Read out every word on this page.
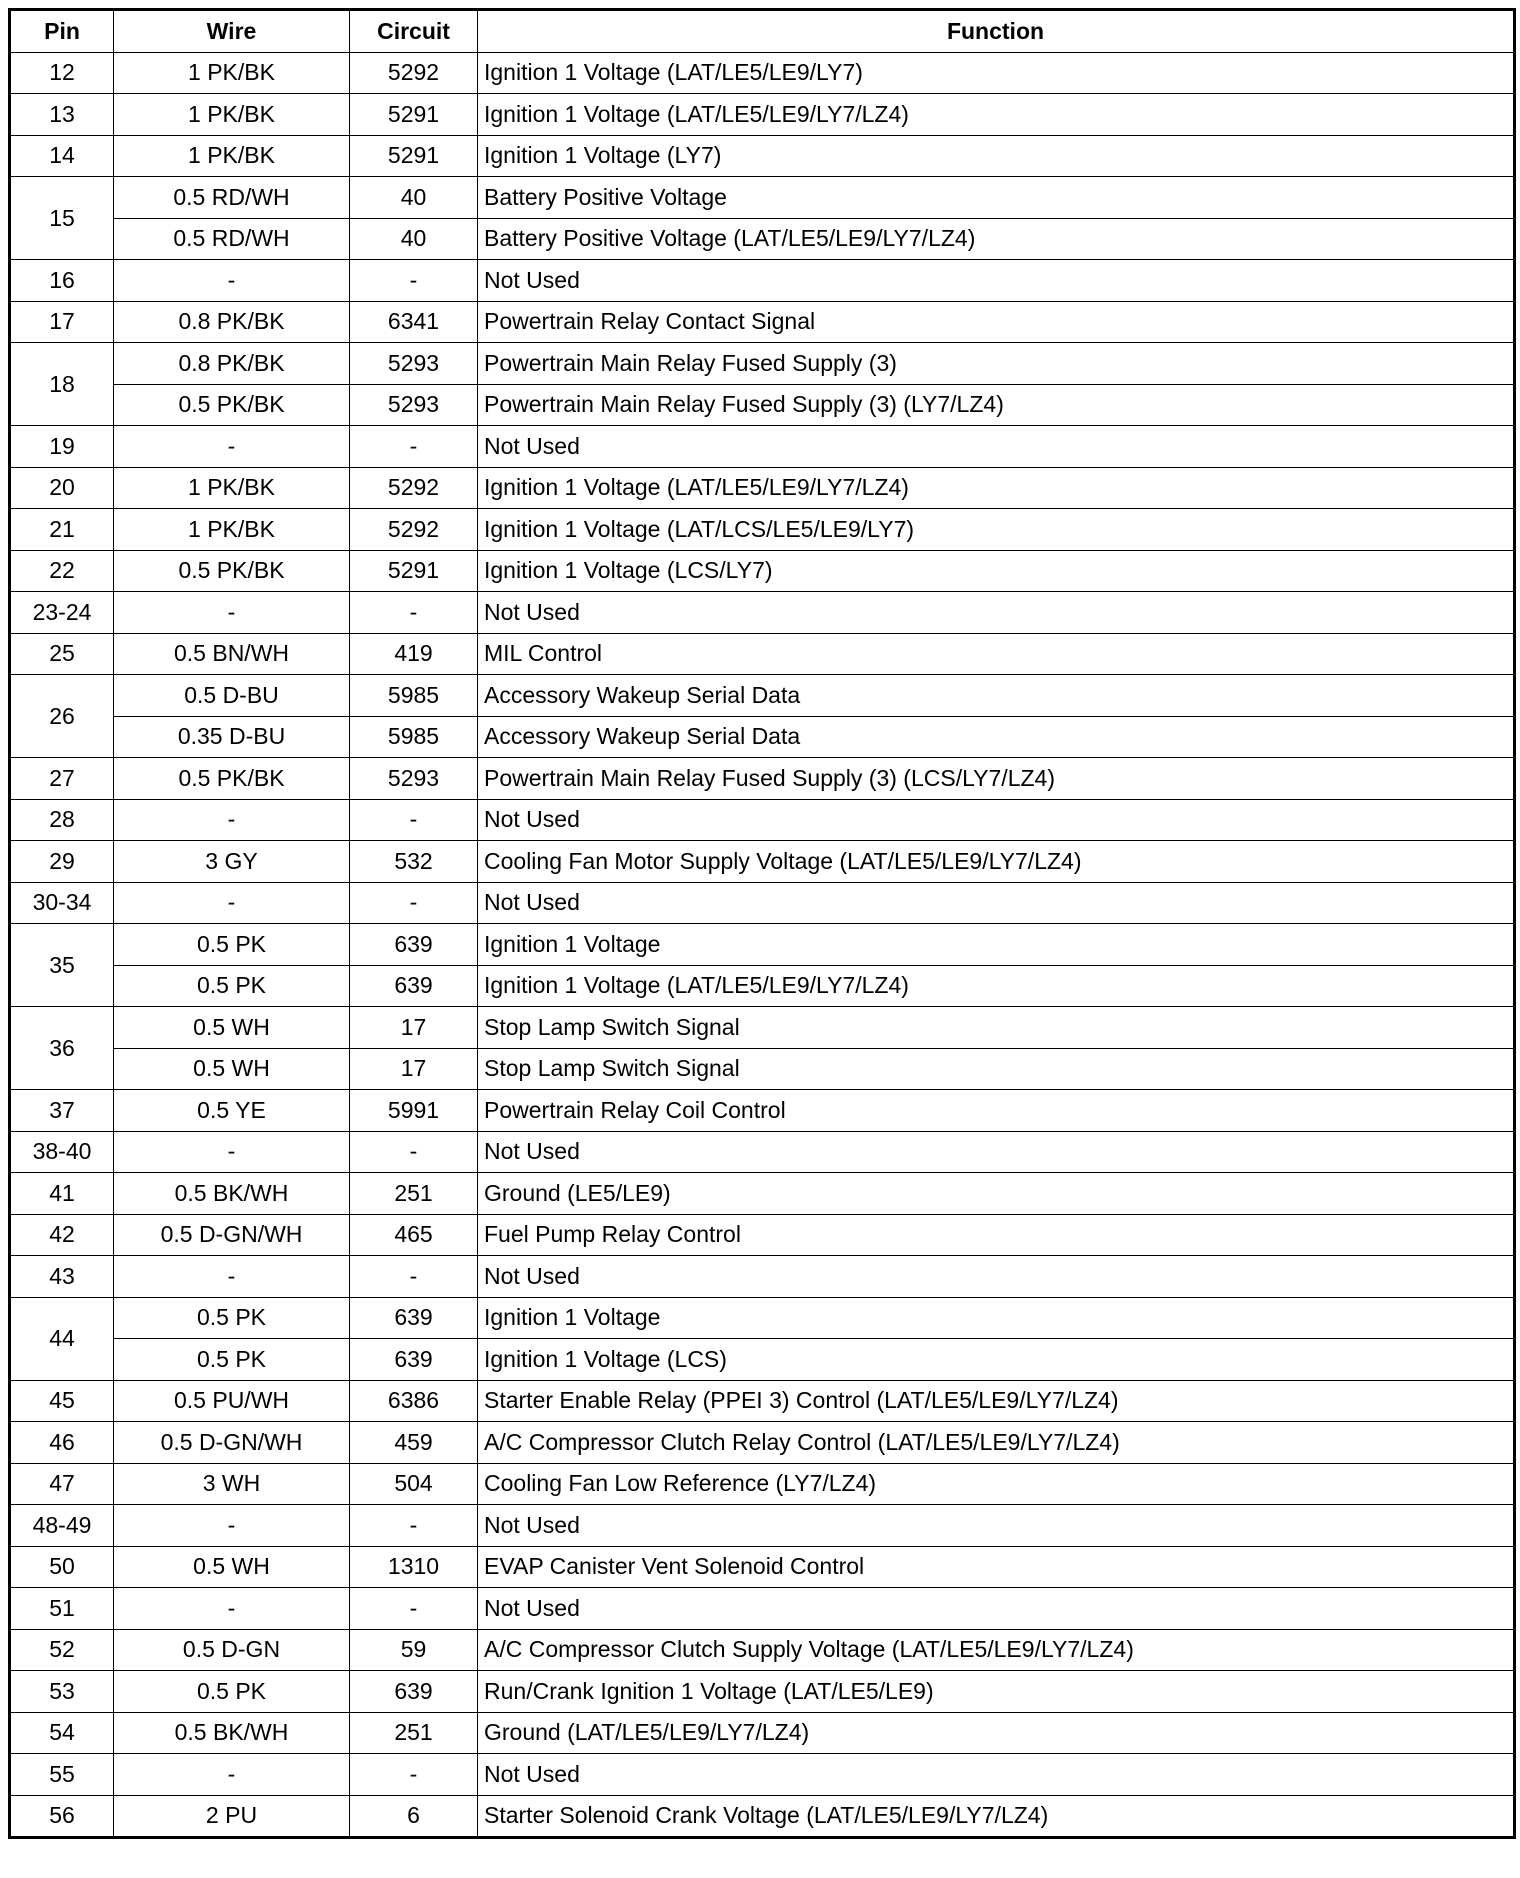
Pin	Wire	Circuit	Function
12	1 PK/BK	5292	Ignition 1 Voltage (LAT/LE5/LE9/LY7)
13	1 PK/BK	5291	Ignition 1 Voltage (LAT/LE5/LE9/LY7/LZ4)
14	1 PK/BK	5291	Ignition 1 Voltage (LY7)
15	0.5 RD/WH	40	Battery Positive Voltage
	0.5 RD/WH	40	Battery Positive Voltage (LAT/LE5/LE9/LY7/LZ4)
16	-	-	Not Used
17	0.8 PK/BK	6341	Powertrain Relay Contact Signal
18	0.8 PK/BK	5293	Powertrain Main Relay Fused Supply (3)
	0.5 PK/BK	5293	Powertrain Main Relay Fused Supply (3) (LY7/LZ4)
19	-	-	Not Used
20	1 PK/BK	5292	Ignition 1 Voltage (LAT/LE5/LE9/LY7/LZ4)
21	1 PK/BK	5292	Ignition 1 Voltage (LAT/LCS/LE5/LE9/LY7)
22	0.5 PK/BK	5291	Ignition 1 Voltage (LCS/LY7)
23-24	-	-	Not Used
25	0.5 BN/WH	419	MIL Control
26	0.5 D-BU	5985	Accessory Wakeup Serial Data
	0.35 D-BU	5985	Accessory Wakeup Serial Data
27	0.5 PK/BK	5293	Powertrain Main Relay Fused Supply (3) (LCS/LY7/LZ4)
28	-	-	Not Used
29	3 GY	532	Cooling Fan Motor Supply Voltage (LAT/LE5/LE9/LY7/LZ4)
30-34	-	-	Not Used
35	0.5 PK	639	Ignition 1 Voltage
	0.5 PK	639	Ignition 1 Voltage (LAT/LE5/LE9/LY7/LZ4)
36	0.5 WH	17	Stop Lamp Switch Signal
	0.5 WH	17	Stop Lamp Switch Signal
37	0.5 YE	5991	Powertrain Relay Coil Control
38-40	-	-	Not Used
41	0.5 BK/WH	251	Ground (LE5/LE9)
42	0.5 D-GN/WH	465	Fuel Pump Relay Control
43	-	-	Not Used
44	0.5 PK	639	Ignition 1 Voltage
	0.5 PK	639	Ignition 1 Voltage (LCS)
45	0.5 PU/WH	6386	Starter Enable Relay (PPEI 3) Control (LAT/LE5/LE9/LY7/LZ4)
46	0.5 D-GN/WH	459	A/C Compressor Clutch Relay Control (LAT/LE5/LE9/LY7/LZ4)
47	3 WH	504	Cooling Fan Low Reference (LY7/LZ4)
48-49	-	-	Not Used
50	0.5 WH	1310	EVAP Canister Vent Solenoid Control
51	-	-	Not Used
52	0.5 D-GN	59	A/C Compressor Clutch Supply Voltage (LAT/LE5/LE9/LY7/LZ4)
53	0.5 PK	639	Run/Crank Ignition 1 Voltage (LAT/LE5/LE9)
54	0.5 BK/WH	251	Ground (LAT/LE5/LE9/LY7/LZ4)
55	-	-	Not Used
56	2 PU	6	Starter Solenoid Crank Voltage (LAT/LE5/LE9/LY7/LZ4)
